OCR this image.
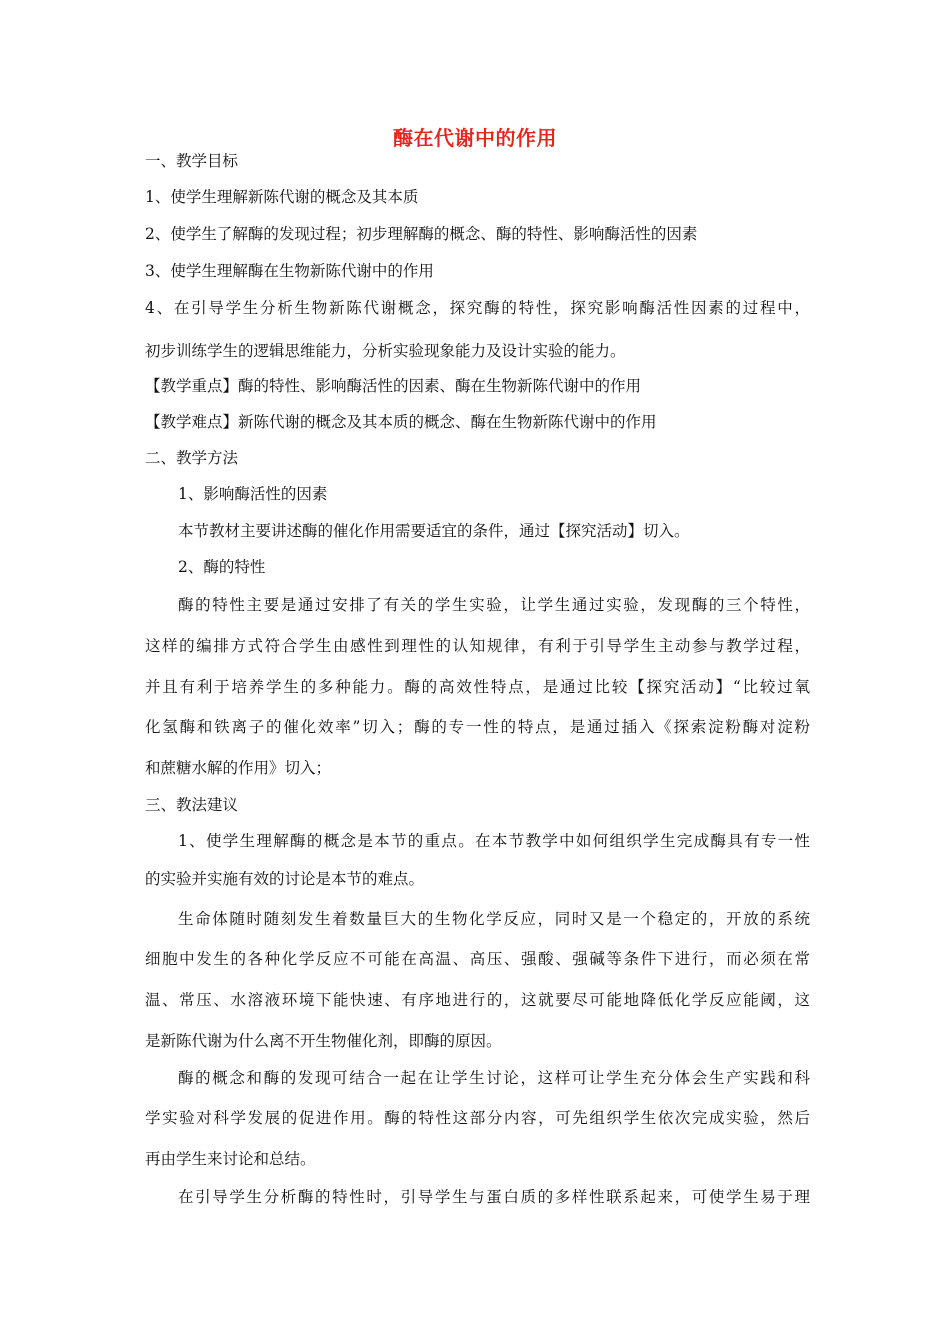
酶在代谢中的作用
一、教学目标
1、使学生理解新陈代谢的概念及其本质
2、使学生了解酶的发现过程；初步理解酶的概念、酶的特性、影响酶活性的因素
3、使学生理解酶在生物新陈代谢中的作用
4、在引导学生分析生物新陈代谢概念，探究酶的特性，探究影响酶活性因素的过程中，
初步训练学生的逻辑思维能力，分析实验现象能力及设计实验的能力。
【教学重点】酶的特性、影响酶活性的因素、酶在生物新陈代谢中的作用
【教学难点】新陈代谢的概念及其本质的概念、酶在生物新陈代谢中的作用
二、教学方法
1、影响酶活性的因素
本节教材主要讲述酶的催化作用需要适宜的条件，通过【探究活动】切入。
2、酶的特性
酶的特性主要是通过安排了有关的学生实验，让学生通过实验，发现酶的三个特性，
这样的编排方式符合学生由感性到理性的认知规律，有利于引导学生主动参与教学过程，
并且有利于培养学生的多种能力。酶的高效性特点，是通过比较【探究活动】“比较过氧
化氢酶和铁离子的催化效率”切入；酶的专一性的特点，是通过插入《探索淀粉酶对淀粉
和蔗糖水解的作用》切入；
三、教法建议
1、使学生理解酶的概念是本节的重点。在本节教学中如何组织学生完成酶具有专一性
的实验并实施有效的讨论是本节的难点。
生命体随时随刻发生着数量巨大的生物化学反应，同时又是一个稳定的，开放的系统
细胞中发生的各种化学反应不可能在高温、高压、强酸、强碱等条件下进行，而必须在常
温、常压、水溶液环境下能快速、有序地进行的，这就要尽可能地降低化学反应能阈，这
是新陈代谢为什么离不开生物催化剂，即酶的原因。
酶的概念和酶的发现可结合一起在让学生讨论，这样可让学生充分体会生产实践和科
学实验对科学发展的促进作用。酶的特性这部分内容，可先组织学生依次完成实验，然后
再由学生来讨论和总结。
在引导学生分析酶的特性时，引导学生与蛋白质的多样性联系起来，可使学生易于理
